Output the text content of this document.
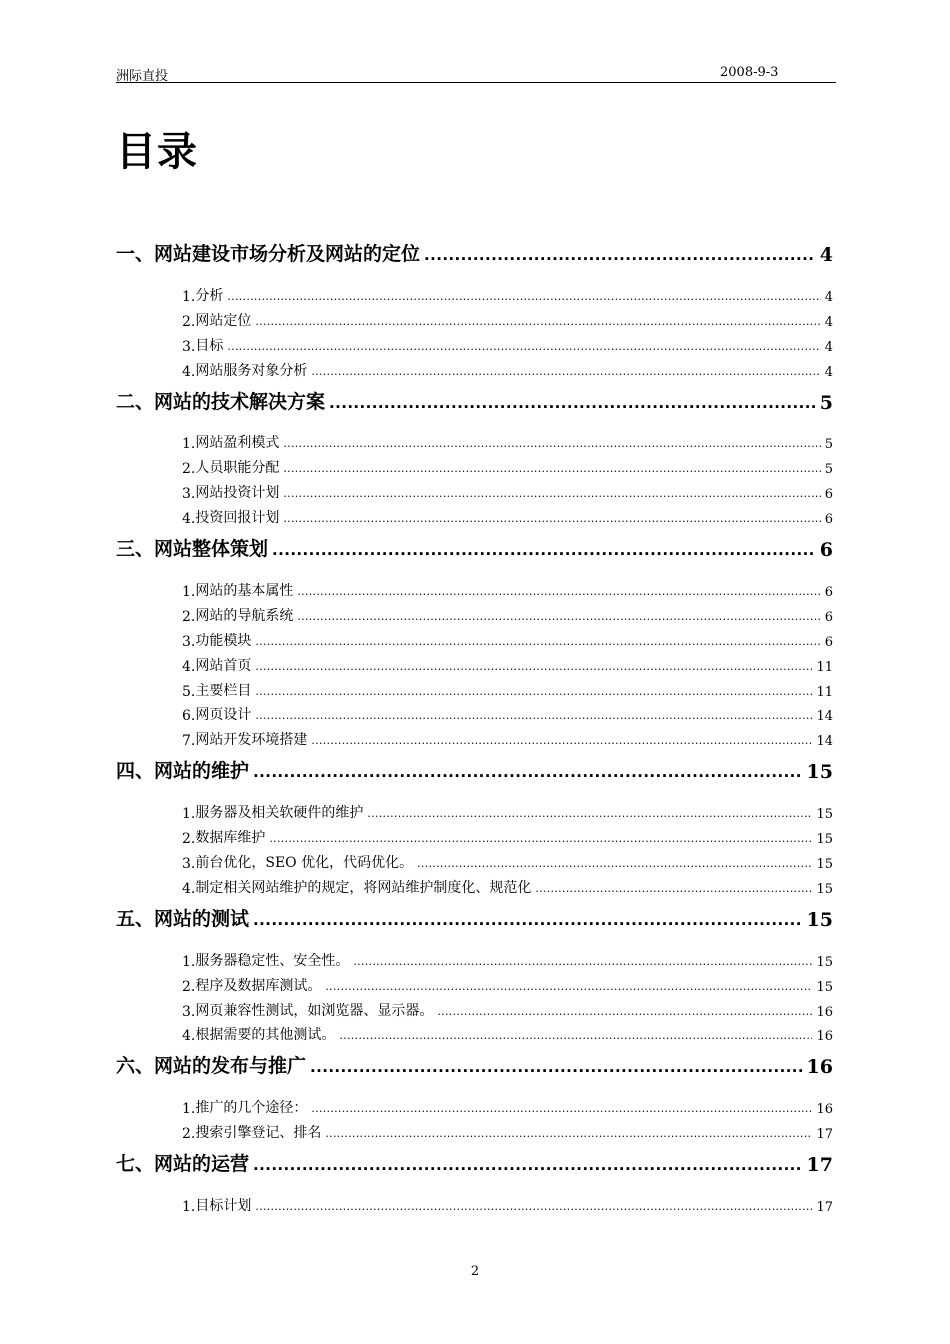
洲际直投	2008-9-3
目录
一、 网站建设市场分析及网站的定位 .....	4
1. 分析 .....	4
2. 网站定位 .....	4
3. 目标 .....	4
4. 网站服务对象分析 .....	4
二、 网站的技术解决方案 .....	5
1. 网站盈利模式 .....	5
2. 人员职能分配 .....	5
3. 网站投资计划 .....	6
4. 投资回报计划 .....	6
三、 网站整体策划 .....	6
1. 网站的基本属性 .....	6
2. 网站的导航系统 .....	6
3. 功能模块 .....	6
4. 网站首页 .....	11
5. 主要栏目 .....	11
6. 网页设计 .....	14
7. 网站开发环境搭建 .....	14
四、 网站的维护 .....	15
1. 服务器及相关软硬件的维护 .....	15
2. 数据库维护 .....	15
3. 前台优化，SEO 优化，代码优化。 .....	15
4. 制定相关网站维护的规定，将网站维护制度化、规范化 .....	15
五、 网站的测试 .....	15
1. 服务器稳定性、安全性。 .....	15
2. 程序及数据库测试。 .....	15
3. 网页兼容性测试，如浏览器、显示器。 .....	16
4. 根据需要的其他测试。 .....	16
六、 网站的发布与推广 .....	16
1. 推广的几个途径： .....	16
2. 搜索引擎登记、排名 .....	17
七、 网站的运营 .....	17
1. 目标计划 .....	17
2
